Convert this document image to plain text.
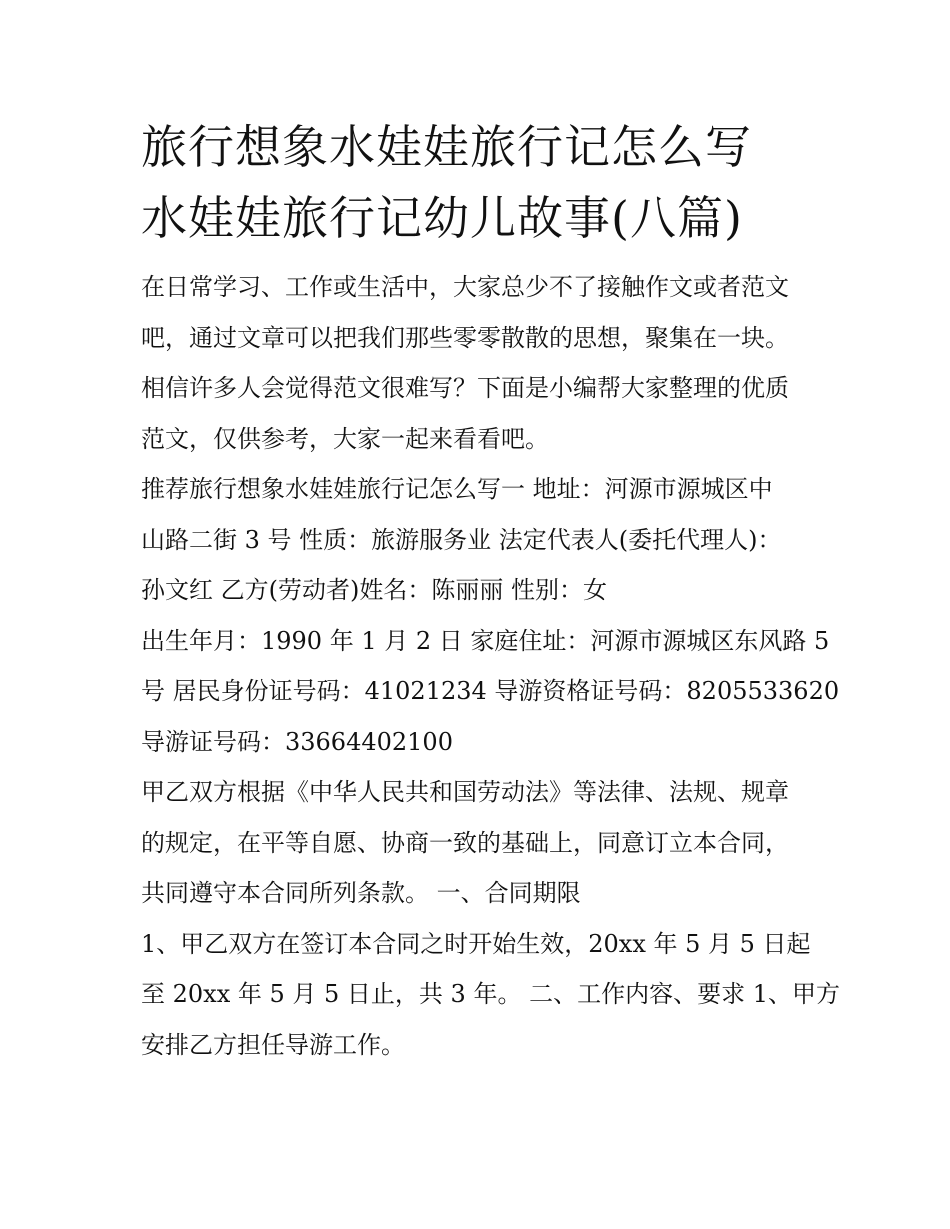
旅行想象水娃娃旅行记怎么写
水娃娃旅行记幼儿故事(八篇)

在日常学习、工作或生活中，大家总少不了接触作文或者范文
吧，通过文章可以把我们那些零零散散的思想，聚集在一块。
相信许多人会觉得范文很难写？下面是小编帮大家整理的优质
范文，仅供参考，大家一起来看看吧。

推荐旅行想象水娃娃旅行记怎么写一 地址：河源市源城区中
山路二街 3 号 性质：旅游服务业 法定代表人(委托代理人)：
孙文红 乙方(劳动者)姓名：陈丽丽 性别：女

出生年月：1990 年 1 月 2 日 家庭住址：河源市源城区东风路 5
号 居民身份证号码：41021234 导游资格证号码：8205533620
导游证号码：33664402100

甲乙双方根据《中华人民共和国劳动法》等法律、法规、规章
的规定，在平等自愿、协商一致的基础上，同意订立本合同，
共同遵守本合同所列条款。 一、合同期限

1、甲乙双方在签订本合同之时开始生效，20xx 年 5 月 5 日起
至 20xx 年 5 月 5 日止，共 3 年。 二、工作内容、要求 1、甲方
安排乙方担任导游工作。
